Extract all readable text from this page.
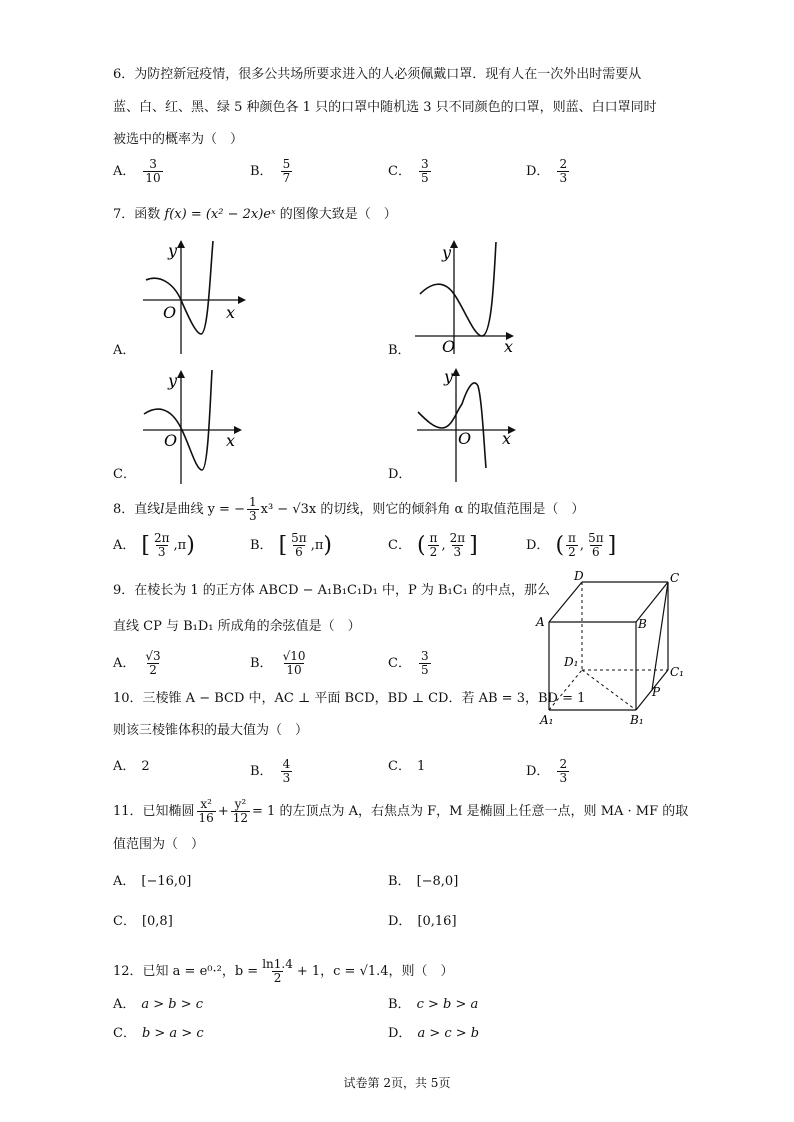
6．为防控新冠疫情，很多公共场所要求进入的人必须佩戴口罩．现有人在一次外出时需要从
蓝、白、红、黑、绿 5 种颜色各 1 只的口罩中随机选 3 只不同颜色的口罩，则蓝、白口罩同时
被选中的概率为（　）
A． $\frac{3}{10}$	B． $\frac{5}{7}$	C． $\frac{3}{5}$	D． $\frac{2}{3}$
7．函数 f(x) = (x² − 2x)eˣ 的图像大致是（　）
A．
y
x
O
B．
y
x
O
C．
y
x
O
D．
y
x
O
8．直线 l 是曲线 y = − $\frac{1}{3} x^3 - √3x$ 的切线，则它的倾斜角 α 的取值范围是（　）
A． [ $\frac{2\pi}{3} ,\pi$ )	B． [ $\frac{5\pi}{6} ,\pi$ )	C． ( $\frac{\pi}{2}$ , $\frac{2\pi}{3}$ ]	D． ( $\frac{\pi}{2}$ , $\frac{5\pi}{6}$ ]
9．在棱长为 1 的正方体 ABCD − A₁B₁C₁D₁ 中，P 为 B₁C₁ 的中点，那么
直线 CP 与 B₁D₁ 所成角的余弦值是（　）
A． $\frac{√3}{2}$	B． $\frac{√10}{10}$	C． $\frac{3}{5}$
D	C
A	B
D₁
C₁
P
A₁	B₁
10．三棱锥 A − BCD 中，AC ⊥ 平面 BCD，BD ⊥ CD．若 AB = 3，BD = 1
则该三棱锥体积的最大值为（　）
A． 2	B． $\frac{4}{3}$	C． 1	D． $\frac{2}{3}$
11．已知椭圆 $\frac{\text{x²}}{16} + \frac{\text{y²}}{12} = 1$ 的左顶点为 A，右焦点为 F，M 是椭圆上任意一点，则 MA · MF 的取
值范围为（　）
A． [−16,0]	B． [−8,0]
C． [0,8]	D． [0,16]
12．已知 a = e⁰·²，$b = \frac{\ln 1.4}{2} + 1$，c = √1.4，则（　）
A． a > b > c	B． c > b > a
C． b > a > c	D． a > c > b
试卷第 2页，共 5页
